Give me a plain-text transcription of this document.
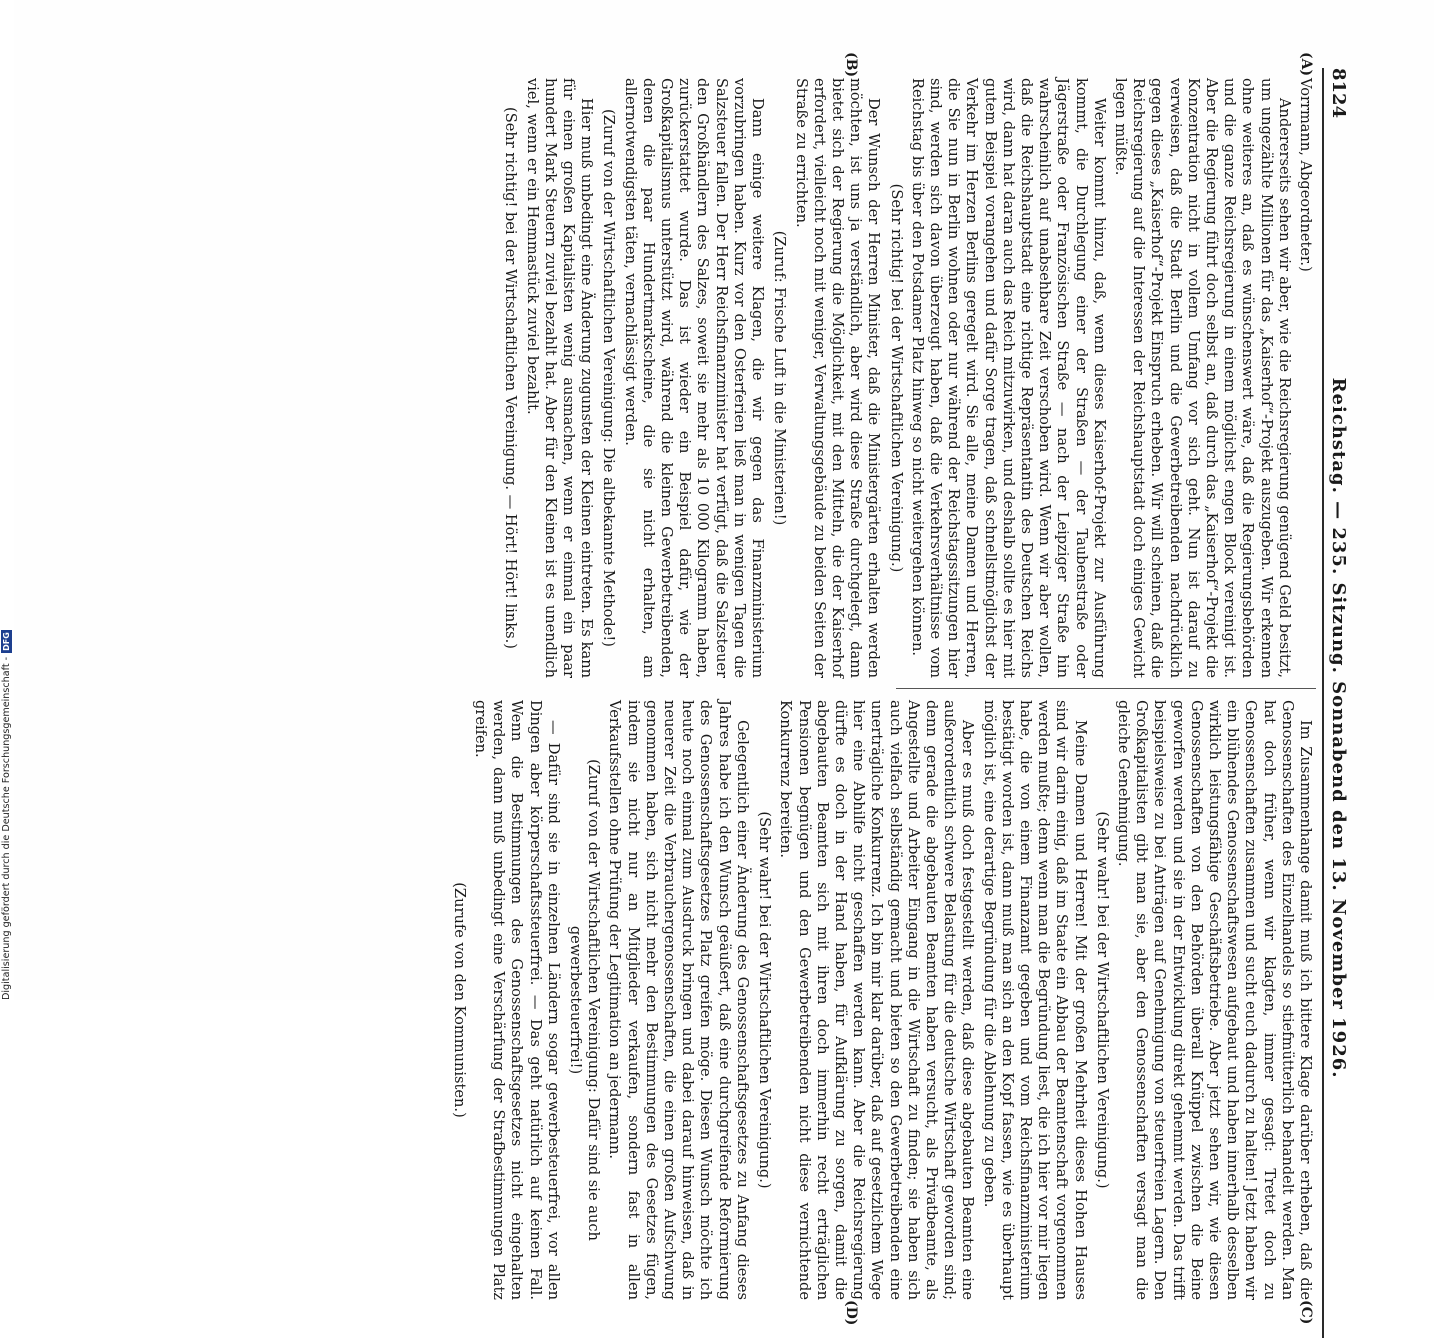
Digitalisierung gefördert durch die Deutsche Forschungsgemeinschaft -DFG
8124
Reichstag. — 235. Sitzung. Sonnabend den 13. November 1926.
(A)
(B)
(C)
(D)

Vorrmann, Abgeordneter.)

Andererseits sehen wir aber, wie die Reichsregierung genügend Geld besitzt, um ungezählte Millionen für das „Kaiserhof“-Projekt auszugeben. Wir erkennen ohne weiteres an, daß es wünschenswert wäre, daß die Regierungsbehörden und die ganze Reichsregierung in einem möglichst engen Block vereinigt ist. Aber die Regierung führt doch selbst an, daß durch das „Kaiserhof“-Projekt die Konzentration nicht in vollem Umfang vor sich geht. Nun ist darauf zu verweisen, daß die Stadt Berlin und die Gewerbetreibenden nachdrücklich gegen dieses „Kaiserhof“-Projekt Einspruch erheben. Wir will scheinen, daß die Reichsregierung auf die Interessen der Reichshauptstadt doch einiges Gewicht legen müßte.

Weiter kommt hinzu, daß, wenn dieses Kaiserhof-Projekt zur Ausführung kommt, die Durchlegung einer der Straßen — der Taubenstraße oder Jägerstraße oder Französischen Straße — nach der Leipziger Straße hin wahrscheinlich auf unabsehbare Zeit verschoben wird. Wenn wir aber wollen, daß die Reichshauptstadt eine richtige Repräsentantin des Deutschen Reichs wird, dann hat daran auch das Reich mitzuwirken, und deshalb sollte es hier mit gutem Beispiel vorangehen und dafür Sorge tragen, daß schnellstmöglichst der Verkehr im Herzen Berlins geregelt wird. Sie alle, meine Damen und Herren, die Sie nun in Berlin wohnen oder nur während der Reichstagssitzungen hier sind, werden sich davon überzeugt haben, daß die Verkehrsverhältnisse vom Reichstag bis über den Potsdamer Platz hinweg so nicht weitergehen können.

(Sehr richtig! bei der Wirtschaftlichen Vereinigung.)

Der Wunsch der Herren Minister, daß die Ministergärten erhalten werden möchten, ist uns ja verständlich, aber wird diese Straße durchgelegt, dann bietet sich der Regierung die Möglichkeit, mit den Mitteln, die der Kaiserhof erfordert, vielleicht noch mit weniger, Verwaltungsgebäude zu beiden Seiten der Straße zu errichten.

(Zuruf: Frische Luft in die Ministerien!)

Dann einige weitere Klagen, die wir gegen das Finanzministerium vorzubringen haben. Kurz vor den Osterferien ließ man in wenigen Tagen die Salzsteuer fallen. Der Herr Reichsfinanzminister hat verfügt, daß die Salzsteuer den Großhändlern des Salzes, soweit sie mehr als 10 000 Kilogramm haben, zurückerstattet wurde. Das ist wieder ein Beispiel dafür, wie der Großkapitalismus unterstützt wird, während die kleinen Gewerbetreibenden, denen die paar Hundertmarkscheine, die sie nicht erhalten, am allernotwendigsten täten, vernachlässigt werden.

(Zuruf von der Wirtschaftlichen Vereinigung: Die altbekannte Methode!)

Hier muß unbedingt eine Änderung zugunsten der Kleinen eintreten. Es kann für einen großen Kapitalisten wenig ausmachen, wenn er einmal ein paar hundert Mark Steuern zuviel bezahlt hat. Aber für den Kleinen ist es unendlich viel, wenn er ein Hemmastück zuviel bezahlt.

(Sehr richtig! bei der Wirtschaftlichen Vereinigung. — Hört! Hört! links.)

Im Zusammenhange damit muß ich bittere Klage darüber erheben, daß die Genossenschaften des Einzelhandels so stiefmütterlich behandelt werden. Man hat doch früher, wenn wir klagten, immer gesagt: Tretet doch zu Genossenschaften zusammen und sucht euch dadurch zu halten! Jetzt haben wir ein blühendes Genossenschaftswesen aufgebaut und haben innerhalb desselben wirklich leistungsfähige Geschäftsbetriebe. Aber jetzt sehen wir, wie diesen Genossenschaften von den Behörden überall Knüppel zwischen die Beine geworfen werden und sie in der Entwicklung direkt gehemmt werden. Das trifft beispielsweise zu bei Anträgen auf Genehmigung von steuerfreien Lagern. Den Großkapitalisten gibt man sie, aber den Genossenschaften versagt man die gleiche Genehmigung.

(Sehr wahr! bei der Wirtschaftlichen Vereinigung.)

Meine Damen und Herren! Mit der großen Mehrheit dieses Hohen Hauses sind wir darin einig, daß im Staate ein Abbau der Beamtenschaft vorgenommen werden mußte; denn wenn man die Begründung liest, die ich hier vor mir liegen habe, die von einem Finanzamt gegeben und vom Reichsfinanzministerium bestätigt worden ist, dann muß man sich an den Kopf fassen, wie es überhaupt möglich ist, eine derartige Begründung für die Ablehnung zu geben.

Aber es muß doch festgestellt werden, daß diese abgebauten Beamten eine außerordentlich schwere Belastung für die deutsche Wirtschaft geworden sind; denn gerade die abgebauten Beamten haben versucht, als Privatbeamte, als Angestellte und Arbeiter Eingang in die Wirtschaft zu finden; sie haben sich auch vielfach selbständig gemacht und bieten so den Gewerbetreibenden eine unerträgliche Konkurrenz. Ich bin mir klar darüber, daß auf gesetzlichem Wege hier eine Abhilfe nicht geschaffen werden kann. Aber die Reichsregierung dürfte es doch in der Hand haben, für Aufklärung zu sorgen, damit die abgebauten Beamten sich mit ihren doch immerhin recht erträglichen Pensionen begnügen und den Gewerbetreibenden nicht diese vernichtende Konkurrenz bereiten.

(Sehr wahr! bei der Wirtschaftlichen Vereinigung.)

Gelegentlich einer Änderung des Genossenschaftsgesetzes zu Anfang dieses Jahres habe ich den Wunsch geäußert, daß eine durchgreifende Reformierung des Genossenschaftsgesetzes Platz greifen möge. Diesen Wunsch möchte ich heute noch einmal zum Ausdruck bringen und dabei darauf hinweisen, daß in neuerer Zeit die Verbrauchergenossenschaften, die einen großen Aufschwung genommen haben, sich nicht mehr den Bestimmungen des Gesetzes fügen, indem sie nicht nur an Mitglieder verkaufen, sondern fast in allen Verkaufsstellen ohne Prüfung der Legitimation an jedermann.

(Zuruf von der Wirtschaftlichen Vereinigung: Dafür sind sie auch gewerbesteuerfrei!)

— Dafür sind sie in einzelnen Ländern sogar gewerbesteuerfrei, vor allen Dingen aber körperschaftssteuerfrei. — Das geht natürlich auf keinen Fall. Wenn die Bestimmungen des Genossenschaftsgesetzes nicht eingehalten werden, dann muß unbedingt eine Verschärfung der Strafbestimmungen Platz greifen.

(Zurufe von den Kommunisten.)
